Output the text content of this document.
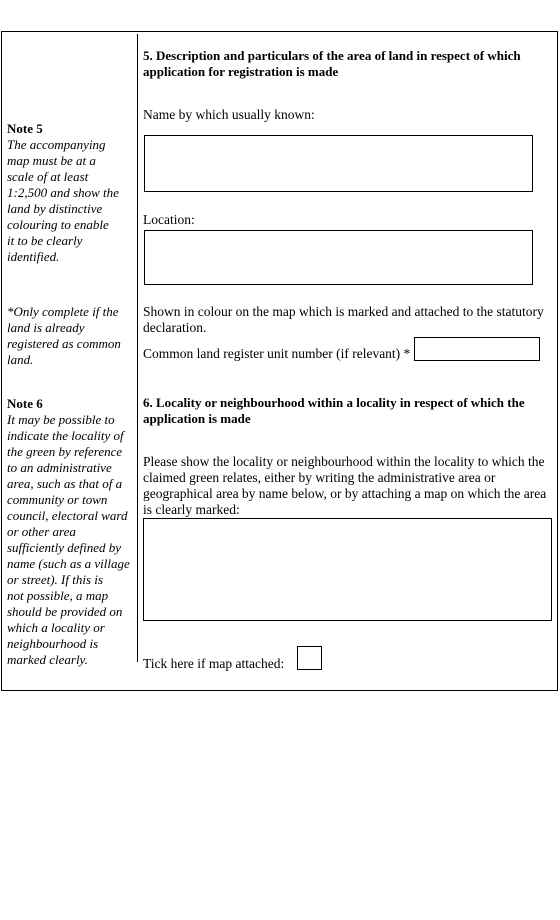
Note 5
The accompanying
map must be at a
scale of at least
1:2,500 and show the
land by distinctive
colouring to enable
it to be clearly
identified.
*Only complete if the
land is already
registered as common
land.
Note 6
It may be possible to
indicate the locality of
the green by reference
to an administrative
area, such as that of a
community or town
council, electoral ward
or other area
sufficiently defined by
name (such as a village
or street). If this is
not possible, a map
should be provided on
which a locality or
neighbourhood is
marked clearly.
5. Description and particulars of the area of land in respect of which
application for registration is made
Name by which usually known:
Location:
Shown in colour on the map which is marked and attached to the statutory
declaration.
Common land register unit number (if relevant) *
6. Locality or neighbourhood within a locality in respect of which the
application is made
Please show the locality or neighbourhood within the locality to which the
claimed green relates, either by writing the administrative area or
geographical area by name below, or by attaching a map on which the area
is clearly marked:
Tick here if map attached:
